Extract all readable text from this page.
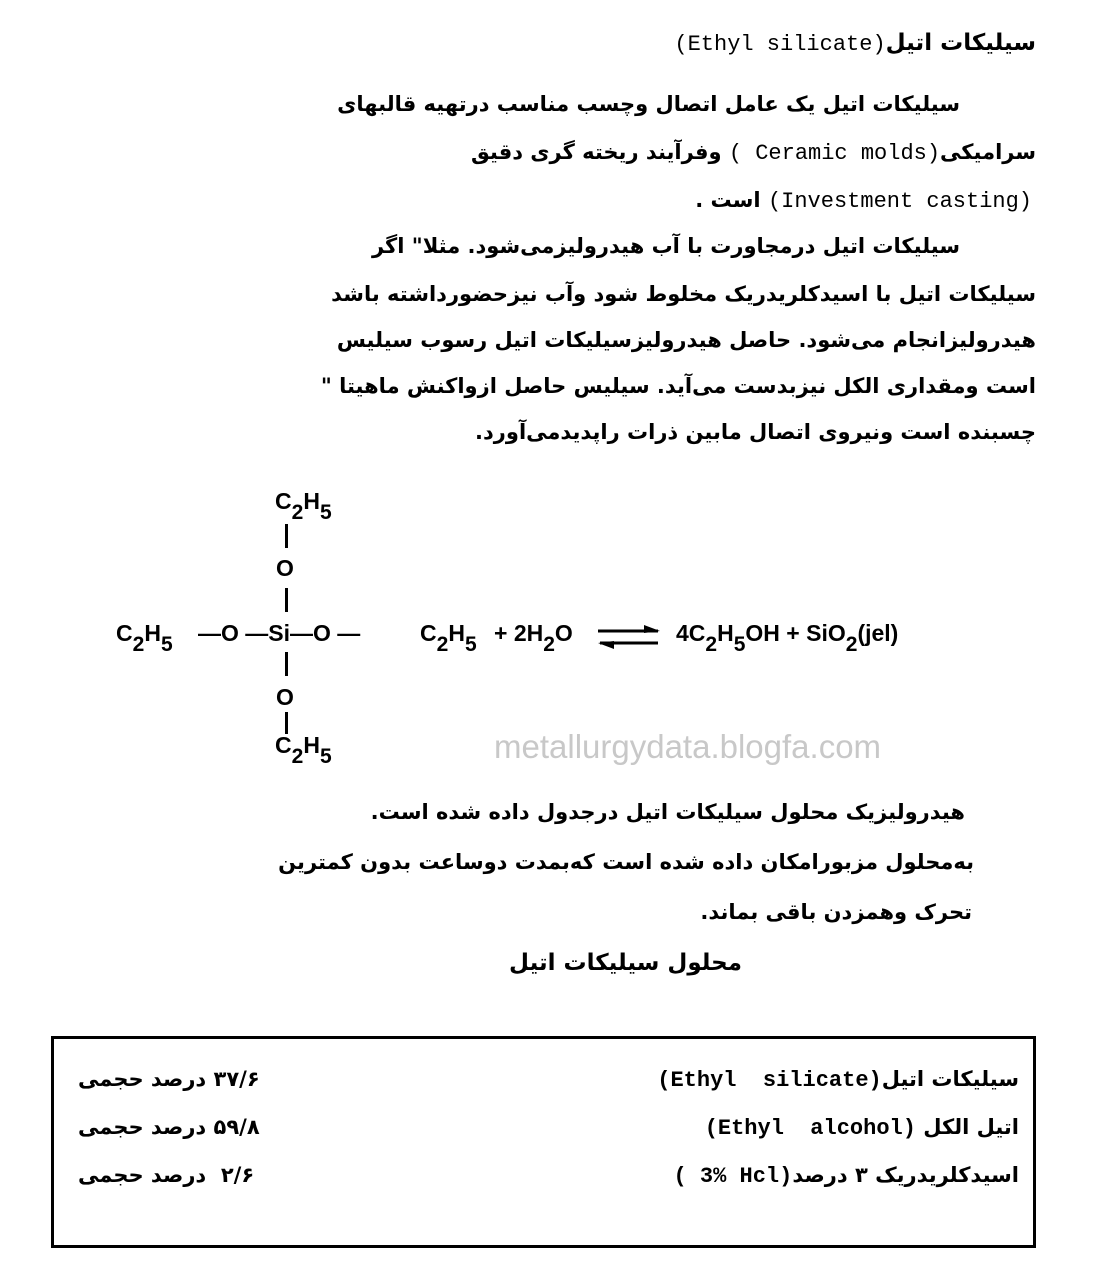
سیلیکات اتیل(Ethyl silicate)
سیلیکات اتیل یک عامل اتصال وچسب مناسب درتهیه قالبهای
سرامیکی( Ceramic molds) وفرآیند ریخته گری دقیق
(Investment casting) است .
سیلیکات اتیل درمجاورت با آب هیدرولیزمی‌شود. مثلا" اگر
سیلیکات اتیل با اسیدکلریدریک مخلوط شود وآب نیزحضورداشته باشد
هیدرولیزانجام می‌شود. حاصل هیدرولیزسیلیکات اتیل رسوب سیلیس
است ومقداری الکل نیزبدست می‌آید. سیلیس حاصل ازواکنش ماهیتا "
چسبنده است ونیروی اتصال مابین ذرات راپدیدمی‌آورد.
$C_2H_5$
O
$C_2H_5$ —O —Si—O —	$C_2H_5 + 2H_2O$	$4C_2H_5OH + SiO_2(jel)$
O
$C_2H_5$	metallurgydata.blogfa.com
هیدرولیزیک محلول سیلیکات اتیل درجدول داده شده است.
به‌محلول مزبورامکان داده شده است که‌بمدت دوساعت بدون کمترین
تحرک وهمزدن باقی بماند.
محلول سیلیکات اتیل
سیلیکات اتیل(Ethyl  silicate)
۳۷/۶ درصد حجمی
اتیل الکل (Ethyl  alcohol)
۵۹/۸ درصد حجمی
اسیدکلریدریک ۳ درصد( 3% Hcl)
۲/۶  درصد حجمی
